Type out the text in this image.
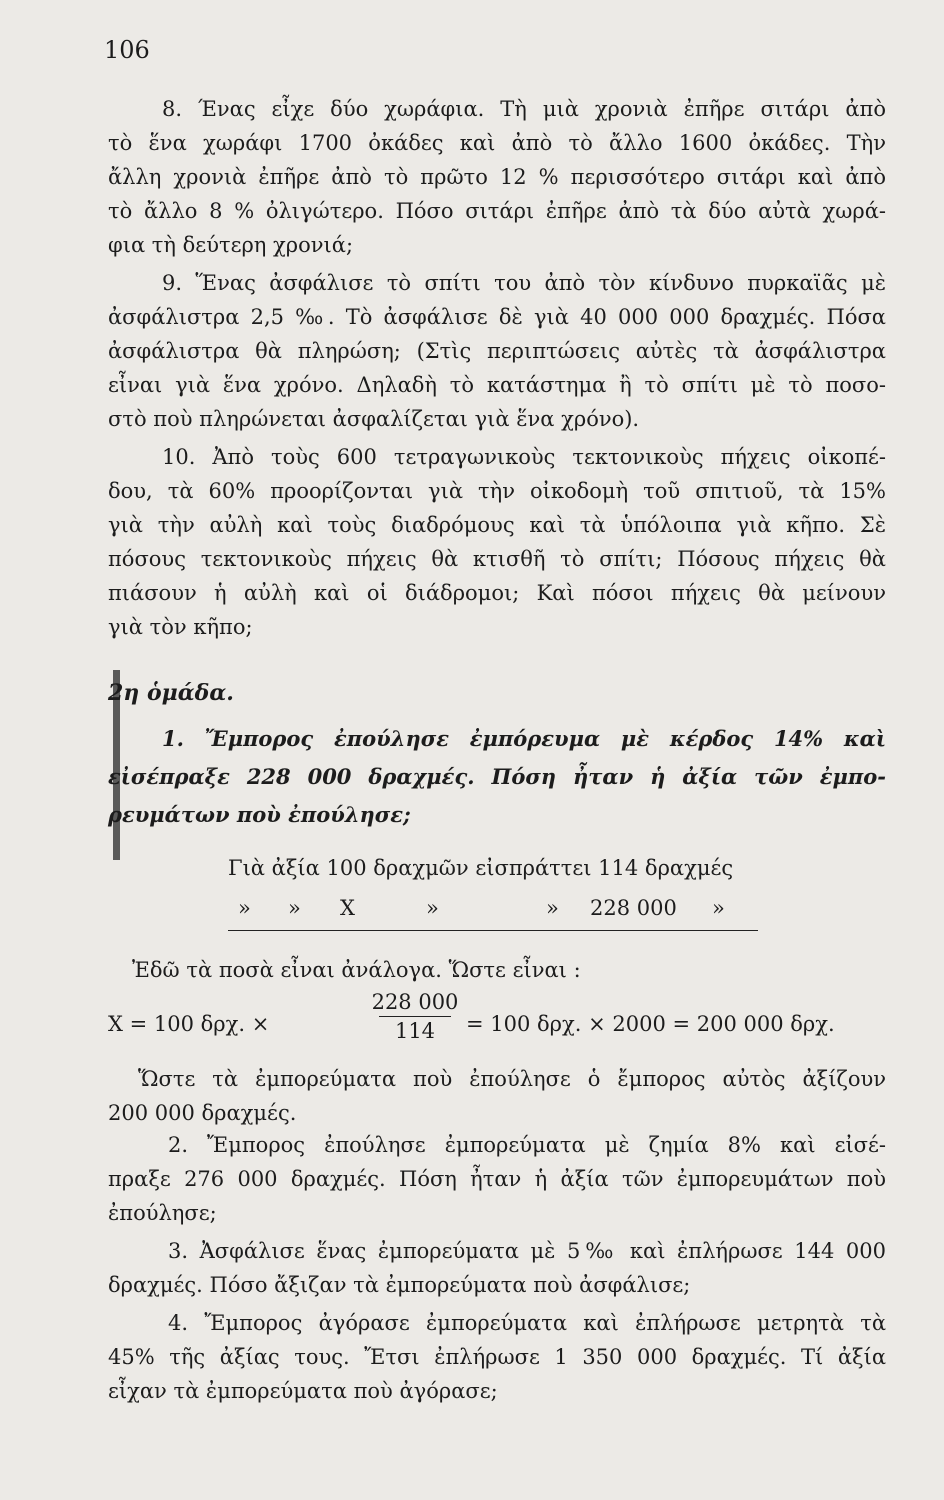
106
8. Ένας εἶχε δύο χωράφια. Τὴ μιὰ χρονιὰ ἐπῆρε σιτάρι ἀπὸ
τὸ ἕνα χωράφι 1700 ὀκάδες καὶ ἀπὸ τὸ ἄλλο 1600 ὀκάδες. Τὴν
ἄλλη χρονιὰ ἐπῆρε ἀπὸ τὸ πρῶτο 12 % περισσότερο σιτάρι καὶ ἀπὸ
τὸ ἄλλο 8 % ὀλιγώτερο. Πόσο σιτάρι ἐπῆρε ἀπὸ τὰ δύο αὐτὰ χωρά-
φια τὴ δεύτερη χρονιά;
9. Ἕνας ἀσφάλισε τὸ σπίτι του ἀπὸ τὸν κίνδυνο πυρκαϊᾶς μὲ
ἀσφάλιστρα 2,5 ‰. Τὸ ἀσφάλισε δὲ γιὰ 40 000 000 δραχμές. Πόσα
ἀσφάλιστρα θὰ πληρώση; (Στὶς περιπτώσεις αὐτὲς τὰ ἀσφάλιστρα
εἶναι γιὰ ἕνα χρόνο. Δηλαδὴ τὸ κατάστημα ἢ τὸ σπίτι μὲ τὸ ποσο-
στὸ ποὺ πληρώνεται ἀσφαλίζεται γιὰ ἕνα χρόνο).
10. Ἀπὸ τοὺς 600 τετραγωνικοὺς τεκτονικοὺς πήχεις οἰκοπέ-
δου, τὰ 60% προορίζονται γιὰ τὴν οἰκοδομὴ τοῦ σπιτιοῦ, τὰ 15%
γιὰ τὴν αὐλὴ καὶ τοὺς διαδρόμους καὶ τὰ ὑπόλοιπα γιὰ κῆπο. Σὲ
πόσους τεκτονικοὺς πήχεις θὰ κτισθῆ τὸ σπίτι; Πόσους πήχεις θὰ
πιάσουν ἡ αὐλὴ καὶ οἱ διάδρομοι; Καὶ πόσοι πήχεις θὰ μείνουν
γιὰ τὸν κῆπο;
2η ὁμάδα.
1. Ἔμπορος ἐπούλησε ἐμπόρευμα μὲ κέρδος 14% καὶ
εἰσέπραξε 228 000 δραχμές. Πόση ἦταν ἡ ἀξία τῶν ἐμπο-
ρευμάτων ποὺ ἐπούλησε;
Γιὰ ἀξία 100 δραχμῶν εἰσπράττει 114 δραχμές
» » X	»	» 228 000 »
Ἐδῶ τὰ ποσὰ εἶναι ἀνάλογα. Ὥστε εἶναι :
X = 100 δρχ. ×
228 000
114	= 100 δρχ. × 2000 = 200 000 δρχ.
Ὥστε τὰ ἐμπορεύματα ποὺ ἐπούλησε ὁ ἔμπορος αὐτὸς ἀξίζουν
200 000 δραχμές.
2. Ἔμπορος ἐπούλησε ἐμπορεύματα μὲ ζημία 8% καὶ εἰσέ-
πραξε 276 000 δραχμές. Πόση ἦταν ἡ ἀξία τῶν ἐμπορευμάτων ποὺ
ἐπούλησε;
3. Ἀσφάλισε ἕνας ἐμπορεύματα μὲ 5‰ καὶ ἐπλήρωσε 144 000
δραχμές. Πόσο ἄξιζαν τὰ ἐμπορεύματα ποὺ ἀσφάλισε;
4. Ἔμπορος ἀγόρασε ἐμπορεύματα καὶ ἐπλήρωσε μετρητὰ τὰ
45% τῆς ἀξίας τους. Ἔτσι ἐπλήρωσε 1 350 000 δραχμές. Τί ἀξία
εἶχαν τὰ ἐμπορεύματα ποὺ ἀγόρασε;
